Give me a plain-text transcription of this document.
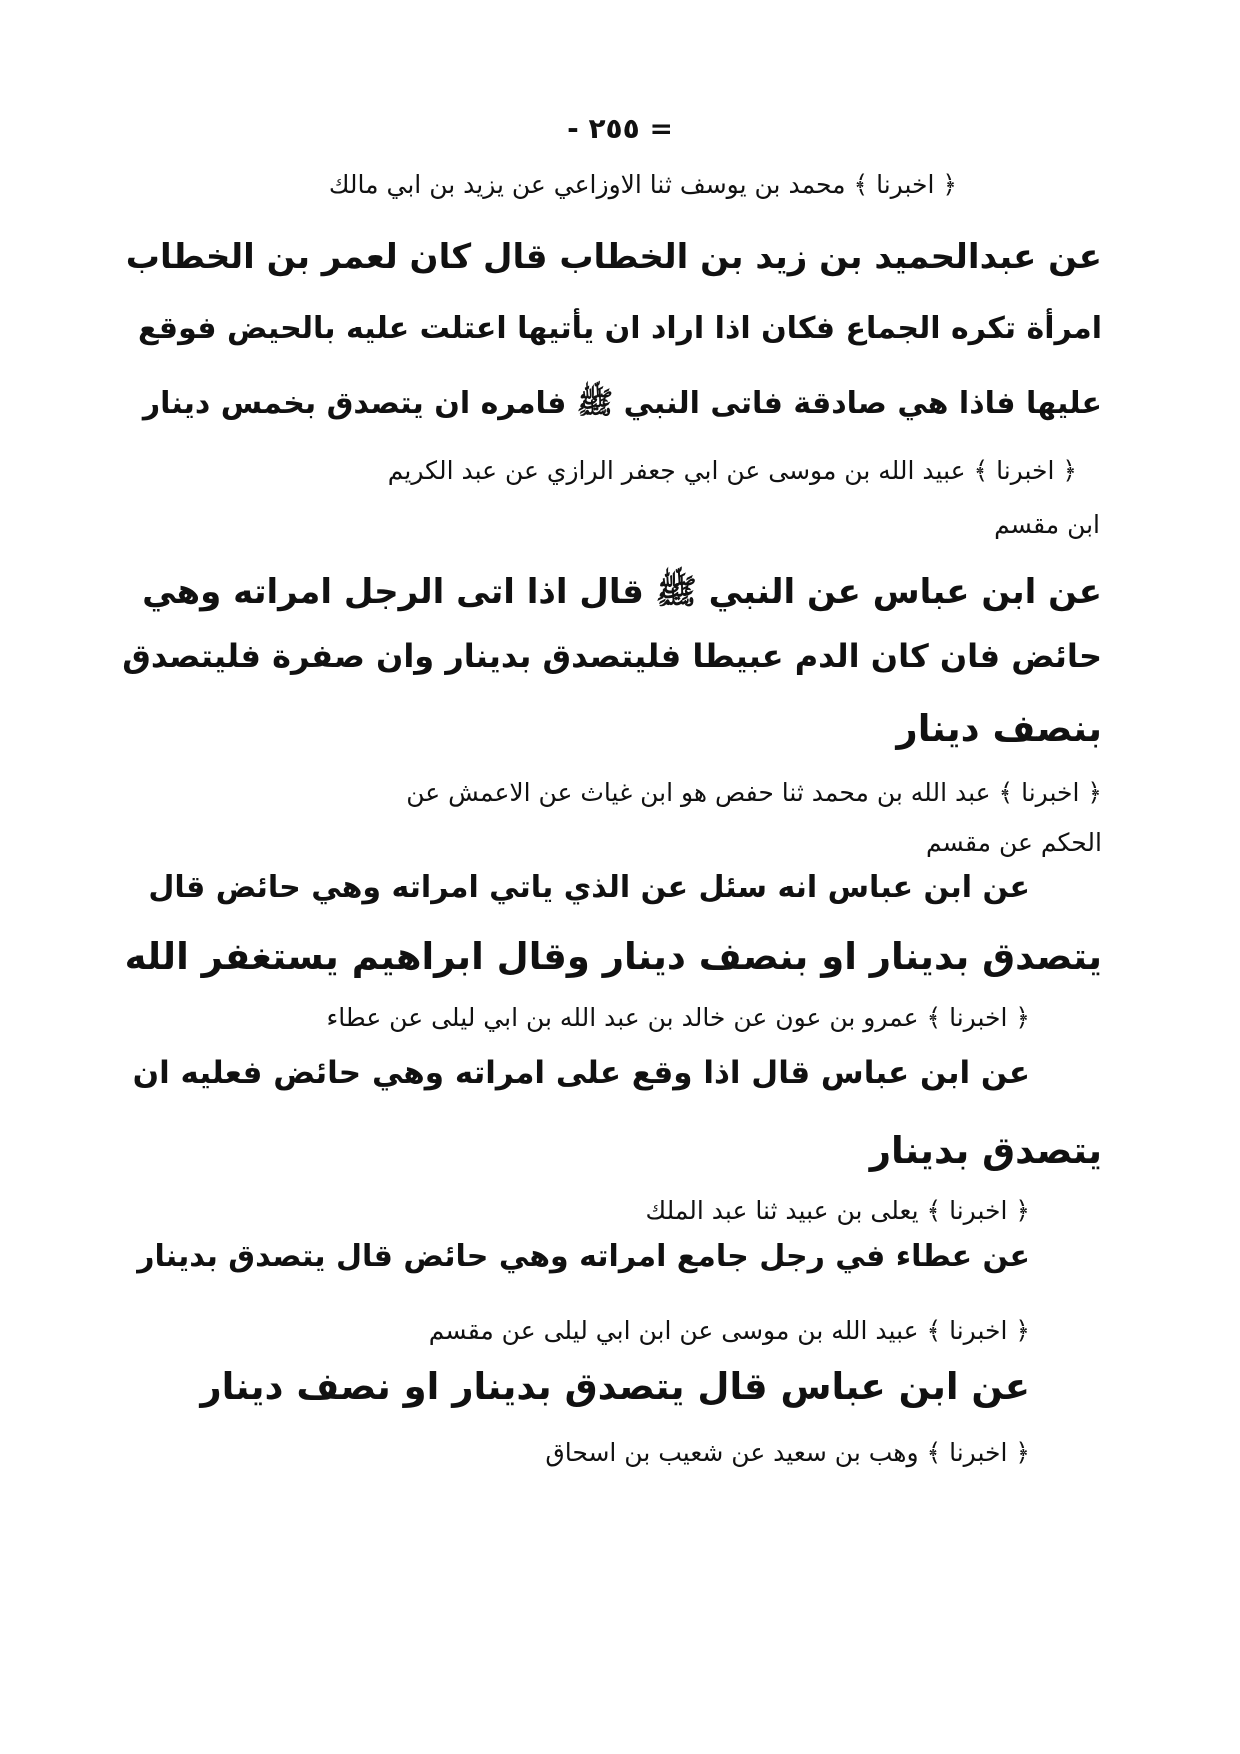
- ٢٥٥ =
﴿ اخبرنا ﴾ محمد بن يوسف ثنا الاوزاعي عن يزيد بن ابي مالك
عن عبدالحميد بن زيد بن الخطاب قال كان لعمر بن الخطاب
امرأة تكره الجماع فكان اذا اراد ان يأتيها اعتلت عليه بالحيض فوقع
عليها فاذا هي صادقة فاتى النبي ﷺ فامره ان يتصدق بخمس دينار
﴿ اخبرنا ﴾ عبيد الله بن موسى عن ابي جعفر الرازي عن عبد الكريم
ابن مقسم
عن ابن عباس عن النبي ﷺ قال اذا اتى الرجل امراته وهي
حائض فان كان الدم عبيطا فليتصدق بدينار وان صفرة فليتصدق
بنصف دينار
﴿ اخبرنا ﴾ عبد الله بن محمد ثنا حفص هو ابن غياث عن الاعمش عن
الحكم عن مقسم
عن ابن عباس انه سئل عن الذي ياتي امراته وهي حائض قال
يتصدق بدينار او بنصف دينار وقال ابراهيم يستغفر الله
﴿ اخبرنا ﴾ عمرو بن عون عن خالد بن عبد الله بن ابي ليلى عن عطاء
عن ابن عباس قال اذا وقع على امراته وهي حائض فعليه ان
يتصدق بدينار
﴿ اخبرنا ﴾ يعلى بن عبيد ثنا عبد الملك
عن عطاء في رجل جامع امراته وهي حائض قال يتصدق بدينار
﴿ اخبرنا ﴾ عبيد الله بن موسى عن ابن ابي ليلى عن مقسم
عن ابن عباس قال يتصدق بدينار او نصف دينار
﴿ اخبرنا ﴾ وهب بن سعيد عن شعيب بن اسحاق
